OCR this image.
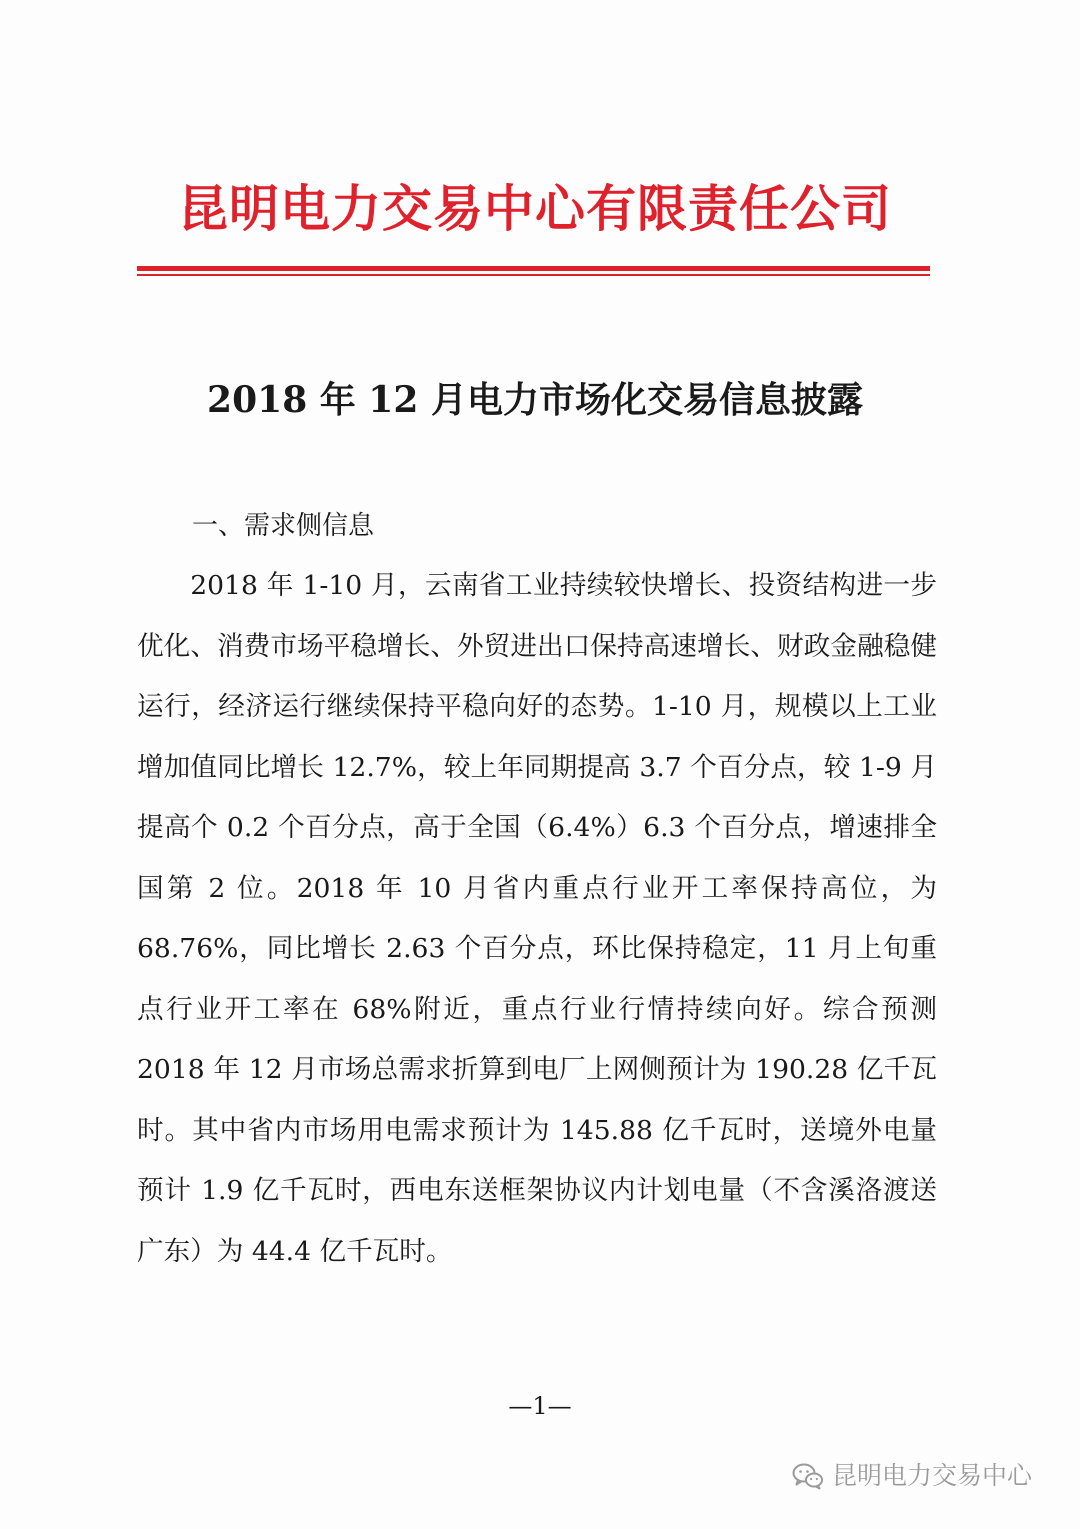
昆明电力交易中心有限责任公司
2018 年 12 月电力市场化交易信息披露
一、需求侧信息

2018 年 1-10 月，云南省工业持续较快增长、投资结构进一步优化、消费市场平稳增长、外贸进出口保持高速增长、财政金融稳健运行，经济运行继续保持平稳向好的态势。1-10 月，规模以上工业增加值同比增长 12.7%，较上年同期提高 3.7 个百分点，较 1-9 月提高个 0.2 个百分点，高于全国（6.4%）6.3 个百分点，增速排全国第 2 位。2018 年 10 月省内重点行业开工率保持高位，为 68.76%，同比增长 2.63 个百分点，环比保持稳定，11 月上旬重点行业开工率在 68%附近，重点行业行情持续向好。综合预测 2018 年 12 月市场总需求折算到电厂上网侧预计为 190.28 亿千瓦时。其中省内市场用电需求预计为 145.88 亿千瓦时，送境外电量预计 1.9 亿千瓦时，西电东送框架协议内计划电量（不含溪洛渡送广东）为 44.4 亿千瓦时。

—1—
昆明电力交易中心
